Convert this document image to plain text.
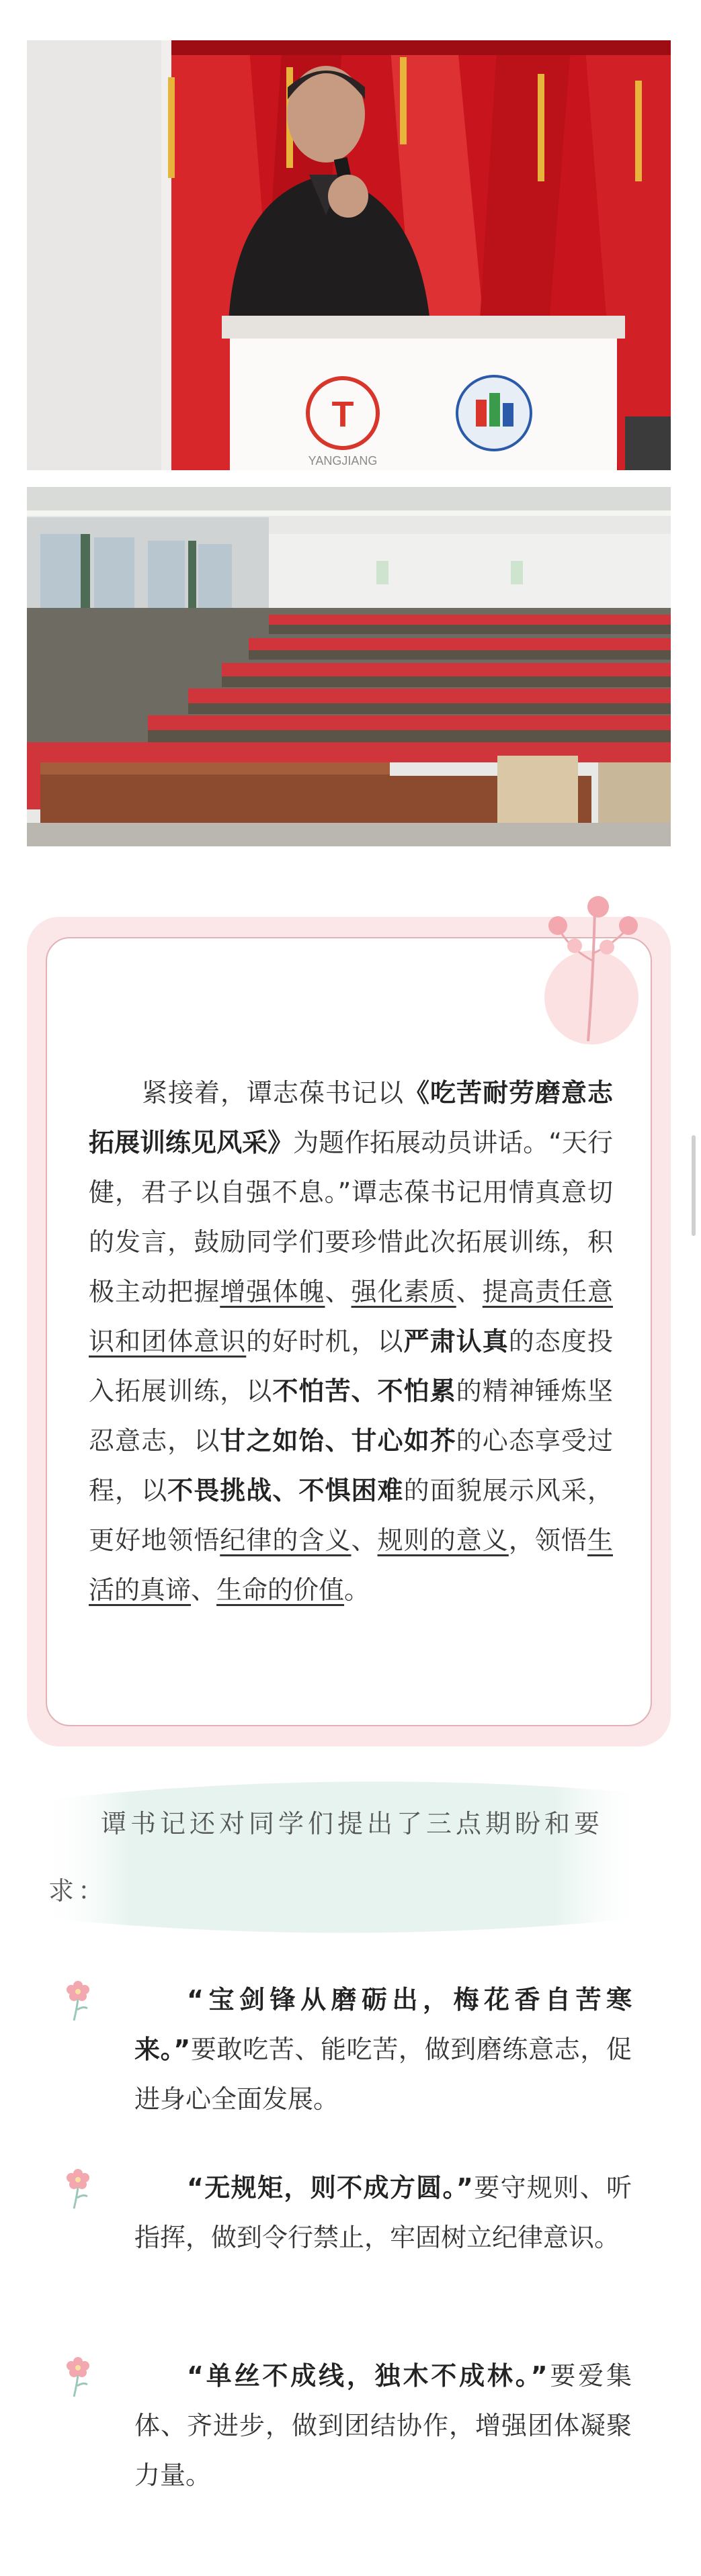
T
YANGJIANG
紧接着，谭志葆书记以《吃苦耐劳磨意志 拓展训练见风采》为题作拓展动员讲话。“天行健，君子以自强不息。”谭志葆书记用情真意切的发言，鼓励同学们要珍惜此次拓展训练，积极主动把握增强体魄、强化素质、提高责任意识和团体意识的好时机，以严肃认真的态度投入拓展训练，以不怕苦、不怕累的精神锤炼坚忍意志，以甘之如饴、甘心如芥的心态享受过程，以不畏挑战、不惧困难的面貌展示风采，更好地领悟纪律的含义、规则的意义，领悟生活的真谛、生命的价值。
谭书记还对同学们提出了三点期盼和要求：
“宝剑锋从磨砺出，梅花香自苦寒来。”要敢吃苦、能吃苦，做到磨练意志，促进身心全面发展。
“无规矩，则不成方圆。”要守规则、听指挥，做到令行禁止，牢固树立纪律意识。
“单丝不成线，独木不成林。”要爱集体、齐进步，做到团结协作，增强团体凝聚力量。
